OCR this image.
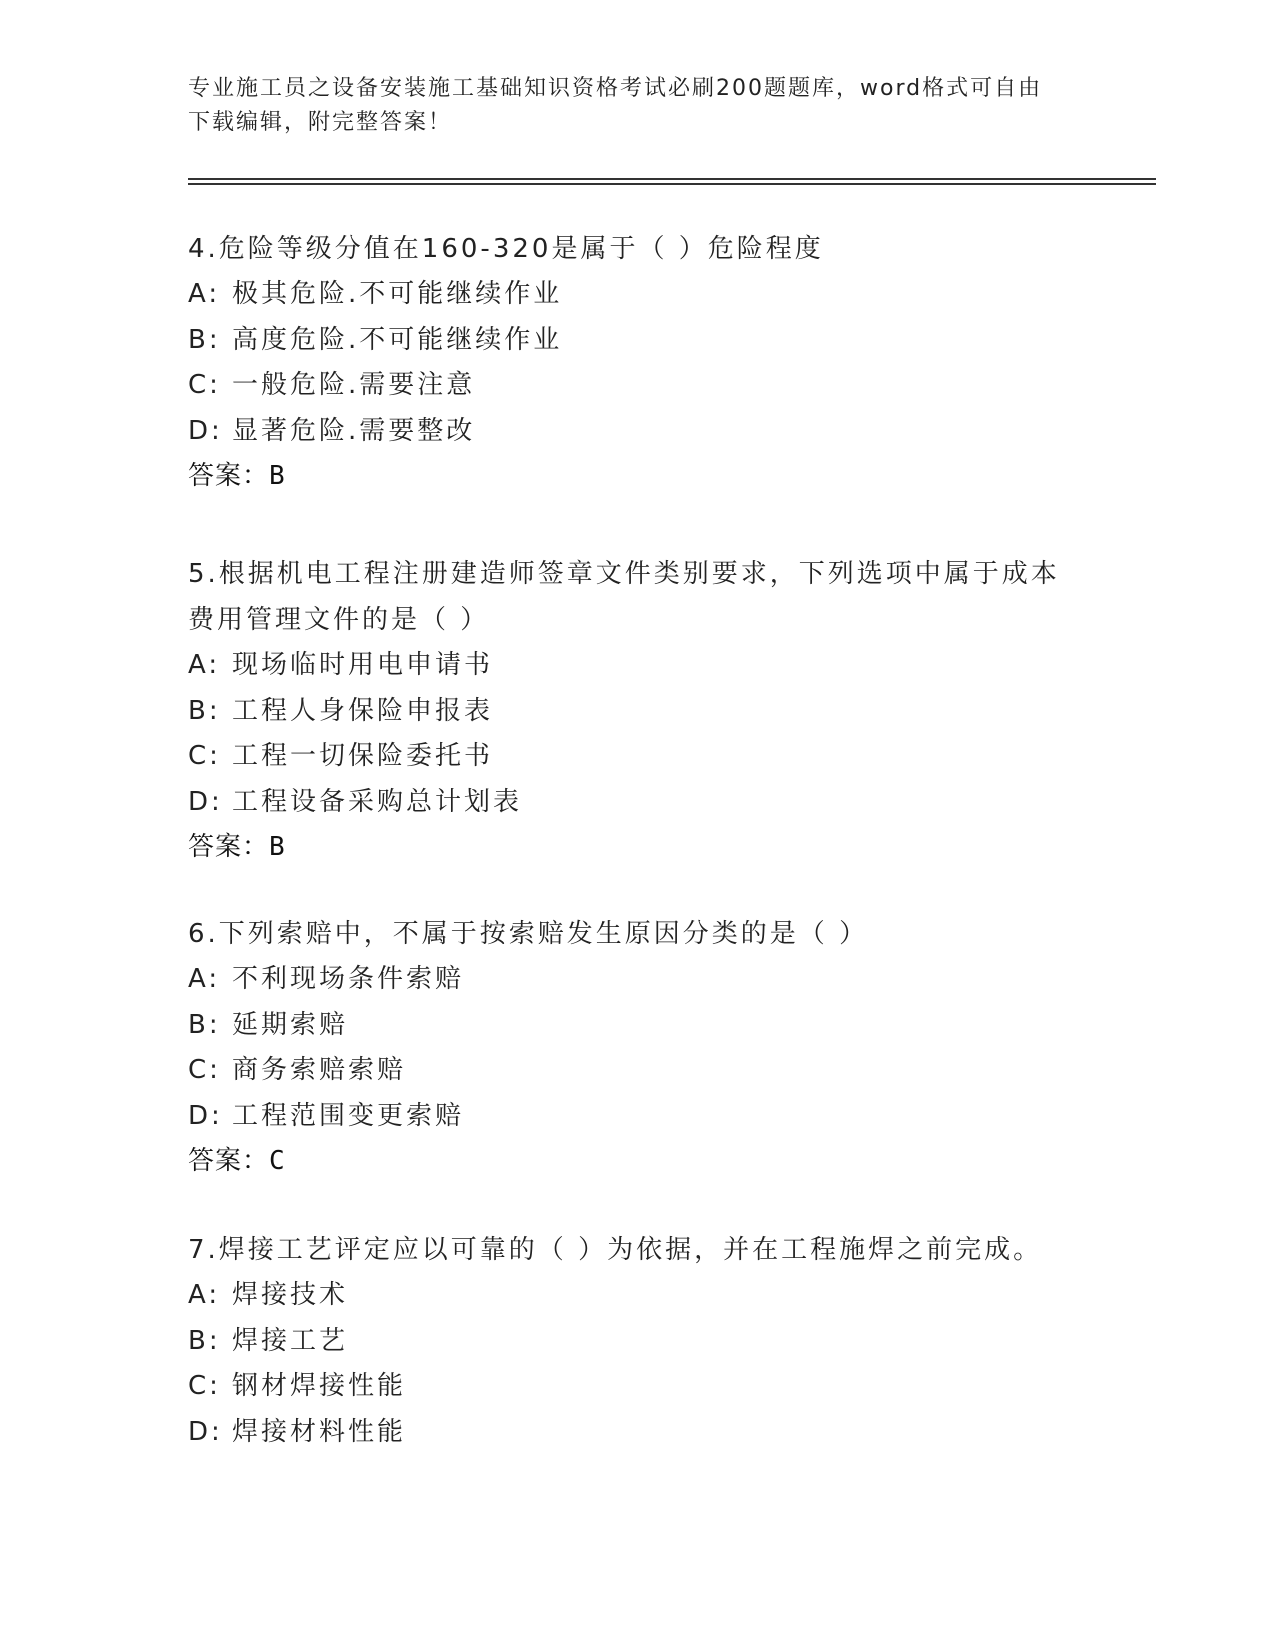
专业施工员之设备安装施工基础知识资格考试必刷200题题库，word格式可自由
下载编辑，附完整答案！

4.危险等级分值在160-320是属于（ ）危险程度

A: 极其危险.不可能继续作业
B: 高度危险.不可能继续作业
C: 一般危险.需要注意
D: 显著危险.需要整改
答案：B

5.根据机电工程注册建造师签章文件类别要求，下列选项中属于成本费用管理文件的是（ ）

A: 现场临时用电申请书
B: 工程人身保险申报表
C: 工程一切保险委托书
D: 工程设备采购总计划表
答案：B

6.下列索赔中，不属于按索赔发生原因分类的是（ ）

A: 不利现场条件索赔
B: 延期索赔
C: 商务索赔索赔
D: 工程范围变更索赔
答案：C

7.焊接工艺评定应以可靠的（ ）为依据，并在工程施焊之前完成。

A: 焊接技术
B: 焊接工艺
C: 钢材焊接性能
D: 焊接材料性能
